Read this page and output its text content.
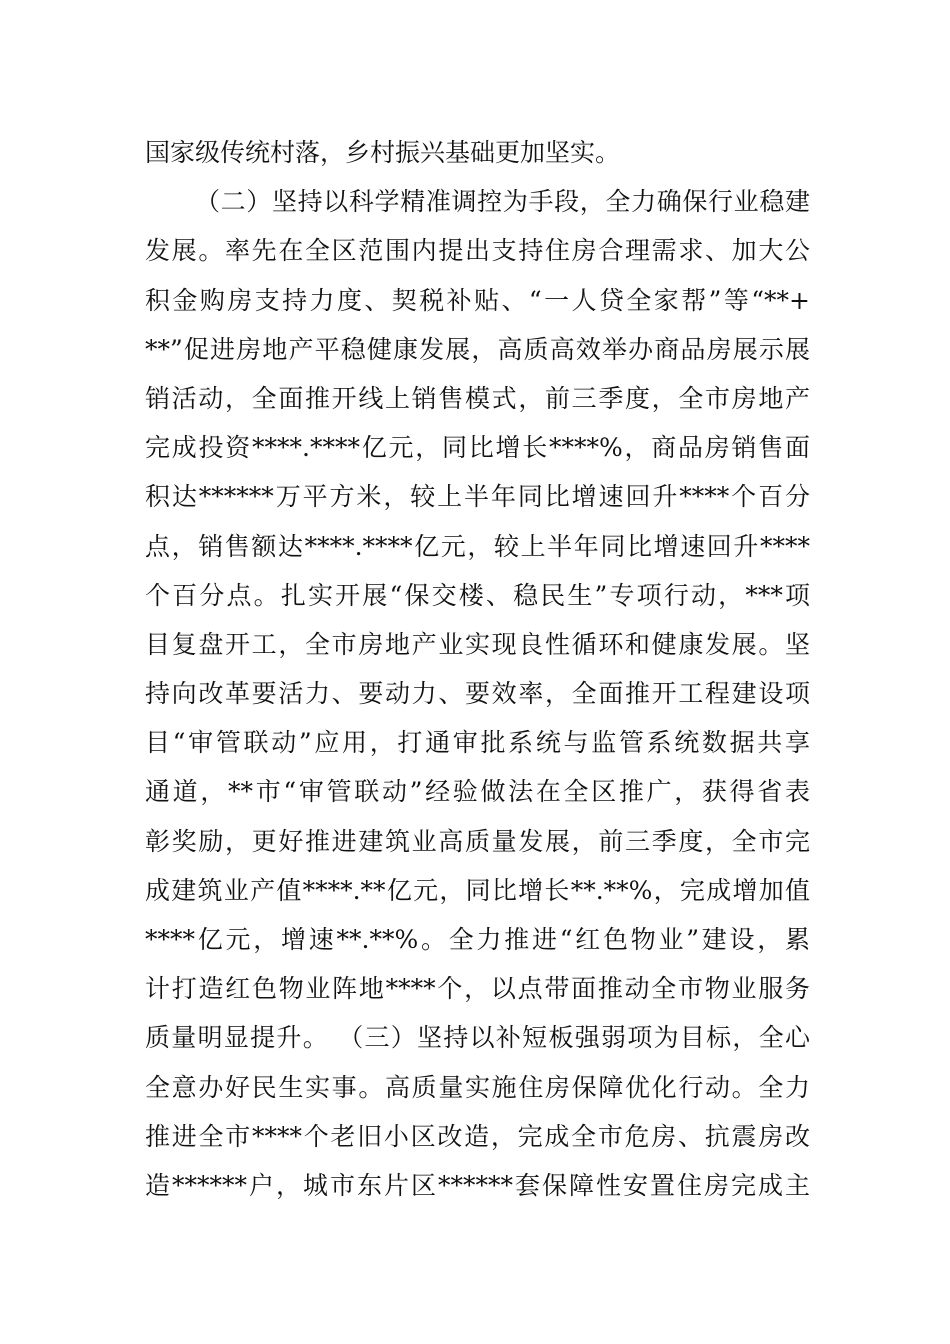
国家级传统村落，乡村振兴基础更加坚实。
（二）坚持以科学精准调控为手段，全力确保行业稳建
发展。率先在全区范围内提出支持住房合理需求、加大公
积金购房支持力度、契税补贴、“一人贷全家帮”等“**+
**”促进房地产平稳健康发展，高质高效举办商品房展示展
销活动，全面推开线上销售模式，前三季度，全市房地产
完成投资****.****亿元，同比增长****%，商品房销售面
积达******万平方米，较上半年同比增速回升****个百分
点，销售额达****.****亿元，较上半年同比增速回升****
个百分点。扎实开展“保交楼、稳民生”专项行动，***项
目复盘开工，全市房地产业实现良性循环和健康发展。坚
持向改革要活力、要动力、要效率，全面推开工程建设项
目“审管联动”应用，打通审批系统与监管系统数据共享
通道，**市“审管联动”经验做法在全区推广，获得省表
彰奖励，更好推进建筑业高质量发展，前三季度，全市完
成建筑业产值****.**亿元，同比增长**.**%，完成增加值
****亿元，增速**.**%。全力推进“红色物业”建设，累
计打造红色物业阵地****个，以点带面推动全市物业服务
质量明显提升。 （三）坚持以补短板强弱项为目标，全心
全意办好民生实事。高质量实施住房保障优化行动。全力
推进全市****个老旧小区改造，完成全市危房、抗震房改
造******户，城市东片区******套保障性安置住房完成主
